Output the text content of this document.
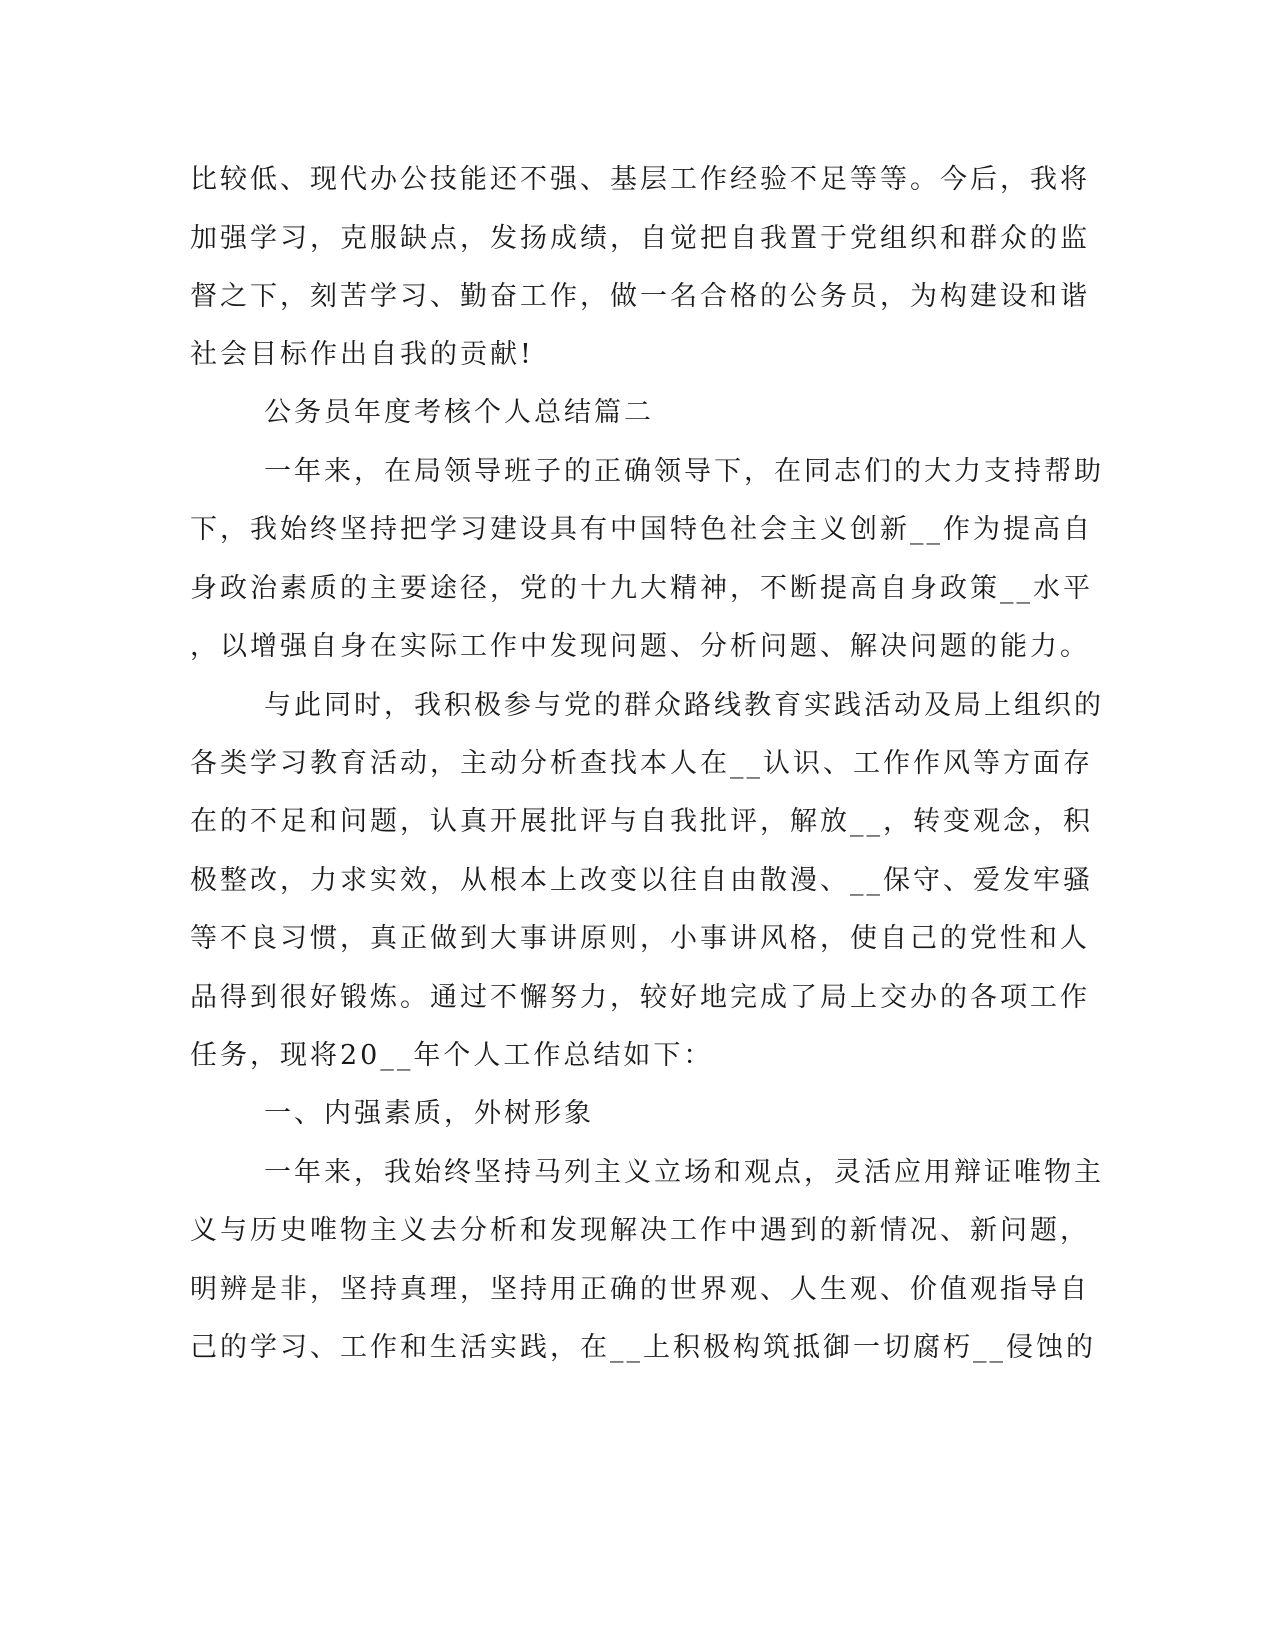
比较低、现代办公技能还不强、基层工作经验不足等等。今后，我将
加强学习，克服缺点，发扬成绩，自觉把自我置于党组织和群众的监
督之下，刻苦学习、勤奋工作，做一名合格的公务员，为构建设和谐
社会目标作出自我的贡献!
公务员年度考核个人总结篇二
一年来，在局领导班子的正确领导下，在同志们的大力支持帮助
下，我始终坚持把学习建设具有中国特色社会主义创新__作为提高自
身政治素质的主要途径，党的十九大精神，不断提高自身政策__水平
，以增强自身在实际工作中发现问题、分析问题、解决问题的能力。
与此同时，我积极参与党的群众路线教育实践活动及局上组织的
各类学习教育活动，主动分析查找本人在__认识、工作作风等方面存
在的不足和问题，认真开展批评与自我批评，解放__，转变观念，积
极整改，力求实效，从根本上改变以往自由散漫、__保守、爱发牢骚
等不良习惯，真正做到大事讲原则，小事讲风格，使自己的党性和人
品得到很好锻炼。通过不懈努力，较好地完成了局上交办的各项工作
任务，现将20__年个人工作总结如下：
一、内强素质，外树形象
一年来，我始终坚持马列主义立场和观点，灵活应用辩证唯物主
义与历史唯物主义去分析和发现解决工作中遇到的新情况、新问题，
明辨是非，坚持真理，坚持用正确的世界观、人生观、价值观指导自
己的学习、工作和生活实践，在__上积极构筑抵御一切腐朽__侵蚀的
